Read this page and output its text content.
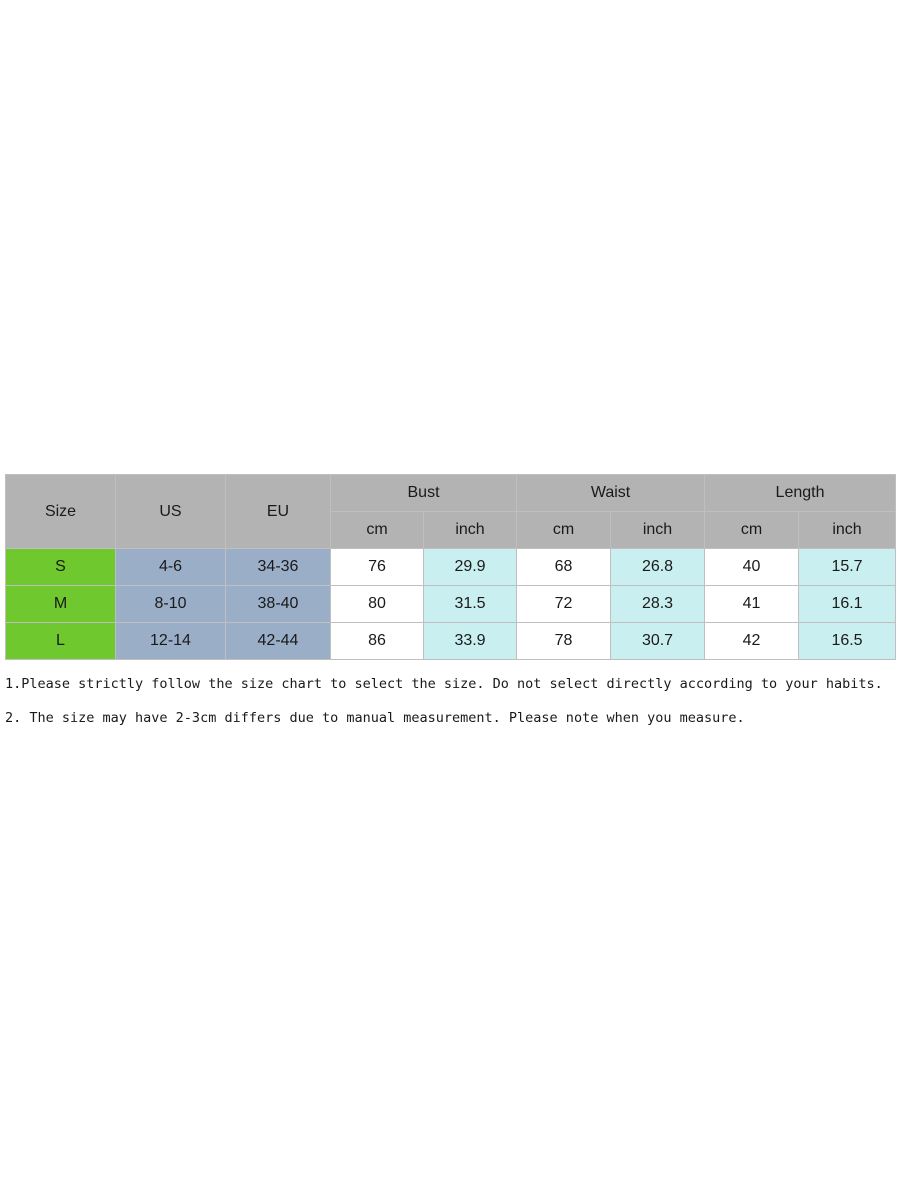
Size	US	EU	Bust		Waist		Length	
			cm	inch	cm	inch	cm	inch
S	4-6	34-36	76	29.9	68	26.8	40	15.7
M	8-10	38-40	80	31.5	72	28.3	41	16.1
L	12-14	42-44	86	33.9	78	30.7	42	16.5
1.Please strictly follow the size chart to select the size. Do not select directly according to your habits.
2. The size may have 2-3cm differs due to manual measurement. Please note when you measure.
